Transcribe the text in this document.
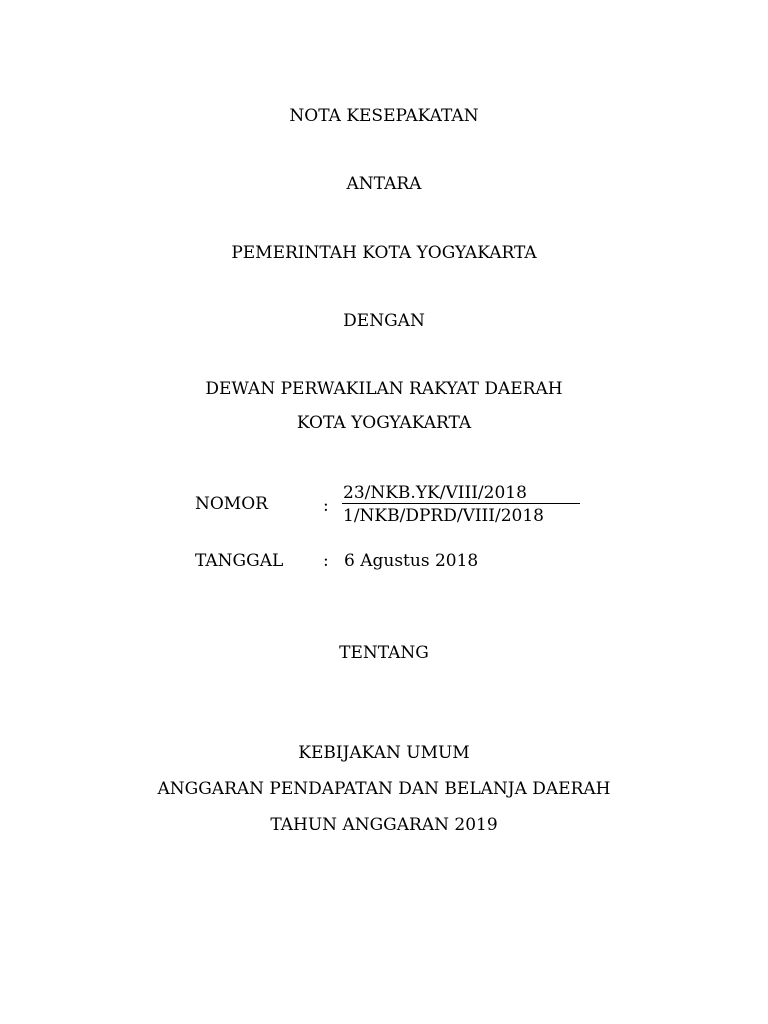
NOTA KESEPAKATAN
ANTARA
PEMERINTAH KOTA YOGYAKARTA
DENGAN
DEWAN PERWAKILAN RAKYAT DAERAH
KOTA YOGYAKARTA
NOMOR	:
23/NKB.YK/VIII/2018
1/NKB/DPRD/VIII/2018
TANGGAL : 6 Agustus 2018
TENTANG
KEBIJAKAN UMUM
ANGGARAN PENDAPATAN DAN BELANJA DAERAH
TAHUN ANGGARAN 2019
